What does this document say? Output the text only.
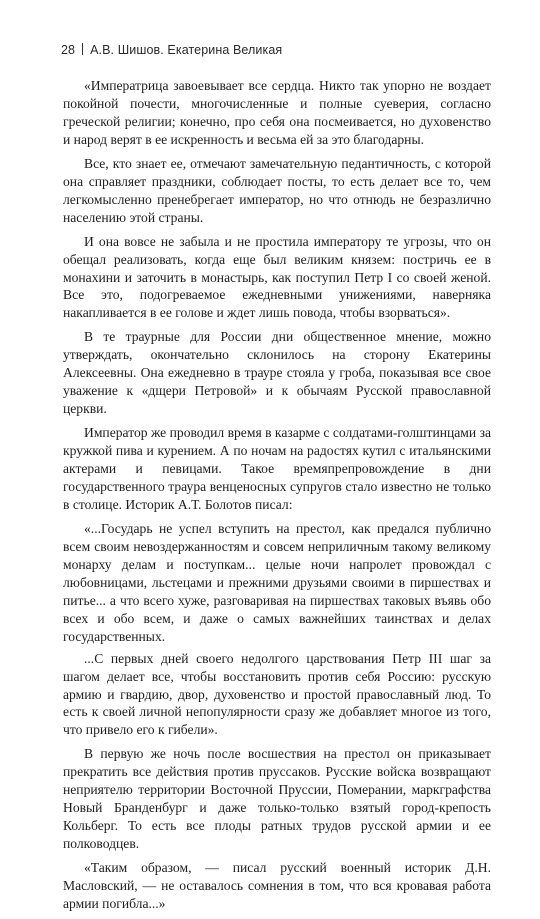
28 А.В. Шишов. Екатерина Великая

«Императрица завоевывает все сердца. Никто так упорно не воздает покойной почести, многочисленные и полные суеверия, согласно греческой религии; конечно, про себя она посмеивается, но духовенство и народ верят в ее искренность и весьма ей за это благодарны.

Все, кто знает ее, отмечают замечательную педантичность, с которой она справляет праздники, соблюдает посты, то есть делает все то, чем легкомысленно пренебрегает император, но что отнюдь не безразлично населению этой страны.

И она вовсе не забыла и не простила императору те угрозы, что он обещал реализовать, когда еще был великим князем: постричь ее в монахини и заточить в монастырь, как поступил Петр I со своей женой. Все это, подогреваемое ежедневными унижениями, наверняка накапливается в ее голове и ждет лишь повода, чтобы взорваться».

В те траурные для России дни общественное мнение, можно утверждать, окончательно склонилось на сторону Екатерины Алексеевны. Она ежедневно в трауре стояла у гроба, показывая все свое уважение к «дщери Петровой» и к обычаям Русской православной церкви.

Император же проводил время в казарме с солдатами-голштинцами за кружкой пива и курением. А по ночам на радостях кутил с итальянскими актерами и певицами. Такое времяпрепровождение в дни государственного траура венценосных супругов стало известно не только в столице. Историк А.Т. Болотов писал:

«...Государь не успел вступить на престол, как предался публично всем своим невоздержанностям и совсем неприличным такому великому монарху делам и поступкам... целые ночи напролет провождал с любовницами, льстецами и прежними друзьями своими в пиршествах и питье... а что всего хуже, разговаривая на пиршествах таковых въявь обо всех и обо всем, и даже о самых важнейших таинствах и делах государственных.

...С первых дней своего недолгого царствования Петр III шаг за шагом делает все, чтобы восстановить против себя Россию: русскую армию и гвардию, двор, духовенство и простой православный люд. То есть к своей личной непопулярности сразу же добавляет многое из того, что привело его к гибели».

В первую же ночь после восшествия на престол он приказывает прекратить все действия против пруссаков. Русские войска возвращают неприятелю территории Восточной Пруссии, Померании, маркграфства Новый Бранденбург и даже только-только взятый город-крепость Кольберг. То есть все плоды ратных трудов русской армии и ее полководцев.

«Таким образом, — писал русский военный историк Д.Н. Масловский, — не оставалось сомнения в том, что вся кровавая работа армии погибла...»
